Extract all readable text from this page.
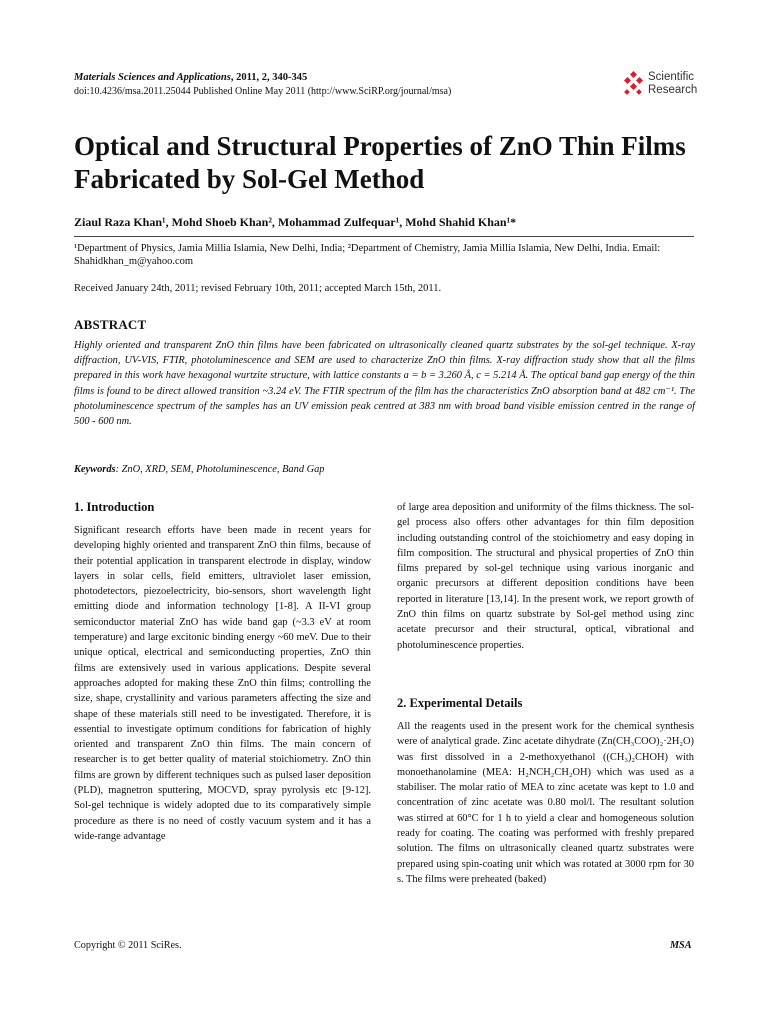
Materials Sciences and Applications, 2011, 2, 340-345
doi:10.4236/msa.2011.25044 Published Online May 2011 (http://www.SciRP.org/journal/msa)
Scientific
Research
Optical and Structural Properties of ZnO Thin Films Fabricated by Sol-Gel Method
Ziaul Raza Khan¹, Mohd Shoeb Khan², Mohammad Zulfequar¹, Mohd Shahid Khan¹*
¹Department of Physics, Jamia Millia Islamia, New Delhi, India; ²Department of Chemistry, Jamia Millia Islamia, New Delhi, India. Email: Shahidkhan_m@yahoo.com
Received January 24th, 2011; revised February 10th, 2011; accepted March 15th, 2011.
ABSTRACT
Highly oriented and transparent ZnO thin films have been fabricated on ultrasonically cleaned quartz substrates by the sol-gel technique. X-ray diffraction, UV-VIS, FTIR, photoluminescence and SEM are used to characterize ZnO thin films. X-ray diffraction study show that all the films prepared in this work have hexagonal wurtzite structure, with lattice constants a = b = 3.260 Å, c = 5.214 Å. The optical band gap energy of the thin films is found to be direct allowed transition ~3.24 eV. The FTIR spectrum of the film has the characteristics ZnO absorption band at 482 cm⁻¹. The photoluminescence spectrum of the samples has an UV emission peak centred at 383 nm with broad band visible emission centred in the range of 500 - 600 nm.
Keywords: ZnO, XRD, SEM, Photoluminescence, Band Gap
1. Introduction
Significant research efforts have been made in recent years for developing highly oriented and transparent ZnO thin films, because of their potential application in transparent electrode in display, window layers in solar cells, field emitters, ultraviolet laser emission, photodetectors, piezoelectricity, bio-sensors, short wavelength light emitting diode and information technology [1-8]. A II-VI group semiconductor material ZnO has wide band gap (~3.3 eV at room temperature) and large excitonic binding energy ~60 meV. Due to their unique optical, electrical and semiconducting properties, ZnO thin films are extensively used in various applications. Despite several approaches adopted for making these ZnO thin films; controlling the size, shape, crystallinity and various parameters affecting the size and shape of these materials still need to be investigated. Therefore, it is essential to investigate optimum conditions for fabrication of highly oriented and transparent ZnO thin films. The main concern of researcher is to get better quality of material stoichiometry. ZnO thin films are grown by different techniques such as pulsed laser deposition (PLD), magnetron sputtering, MOCVD, spray pyrolysis etc [9-12]. Sol-gel technique is widely adopted due to its comparatively simple procedure as there is no need of costly vacuum system and it has a wide-range advantage
of large area deposition and uniformity of the films thickness. The sol-gel process also offers other advantages for thin film deposition including outstanding control of the stoichiometry and easy doping in film composition. The structural and physical properties of ZnO thin films prepared by sol-gel technique using various inorganic and organic precursors at different deposition conditions have been reported in literature [13,14]. In the present work, we report growth of ZnO thin films on quartz substrate by Sol-gel method using zinc acetate precursor and their structural, optical, vibrational and photoluminescence properties.
2. Experimental Details
All the reagents used in the present work for the chemical synthesis were of analytical grade. Zinc acetate dihydrate (Zn(CH₃COO)₂·2H₂O) was first dissolved in a 2-methoxyethanol ((CH₃)₂CHOH) with monoethanolamine (MEA: H₂NCH₂CH₂OH) which was used as a stabiliser. The molar ratio of MEA to zinc acetate was kept to 1.0 and concentration of zinc acetate was 0.80 mol/l. The resultant solution was stirred at 60°C for 1 h to yield a clear and homogeneous solution ready for coating. The coating was performed with freshly prepared solution. The films on ultrasonically cleaned quartz substrates were prepared using spin-coating unit which was rotated at 3000 rpm for 30 s. The films were preheated (baked)
Copyright © 2011 SciRes.	MSA
